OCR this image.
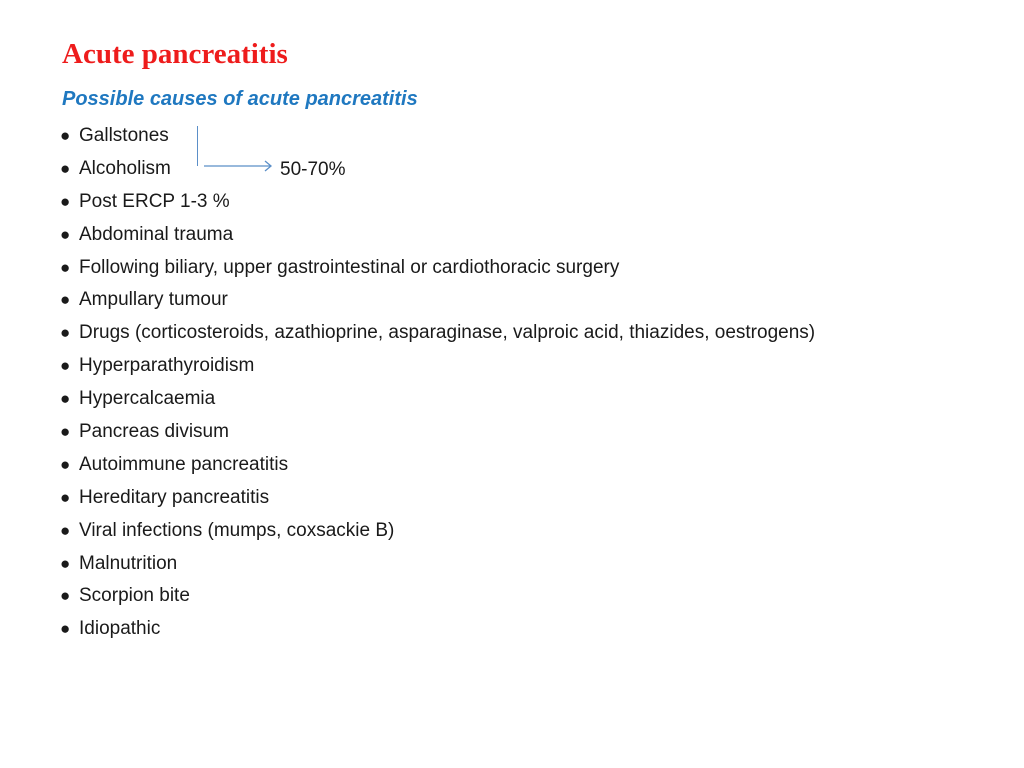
Acute pancreatitis
Possible causes of acute pancreatitis
● Gallstones
● Alcoholism
● Post ERCP 1-3 %
● Abdominal trauma
● Following biliary, upper gastrointestinal or cardiothoracic surgery
● Ampullary tumour
● Drugs (corticosteroids, azathioprine, asparaginase, valproic acid, thiazides, oestrogens)
● Hyperparathyroidism
● Hypercalcaemia
● Pancreas divisum
● Autoimmune pancreatitis
● Hereditary pancreatitis
● Viral infections (mumps, coxsackie B)
● Malnutrition
● Scorpion bite
● Idiopathic
50-70%
